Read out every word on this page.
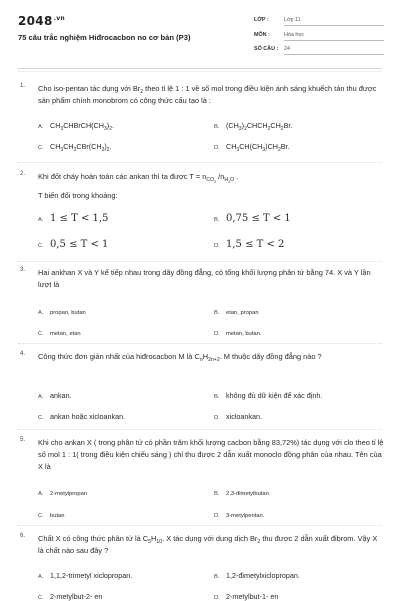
$2048^{.vn}$
75 câu trắc nghiệm Hiđrocacbon no cơ bản (P3)
LỚP :	Lớp 11
MÔN :	Hóa học
SỐ CÂU :	24
1. Cho iso-pentan tác dụng với $Br_2$ theo tỉ lệ 1 : 1 về số mol trong điều kiện ánh sáng khuếch tán thu được sản phẩm chính monobrom có công thức cấu tạo là :
A. $CH_3CHBrCH(CH_3)_2$.	B. $(CH_3)_2CHCH_2CH_2Br$.
C. $CH_3CH_2CBr(CH_3)_2$.	D. $CH_3CH(CH_3)CH_2Br$.
2. Khi đốt cháy hoàn toàn các ankan thì ta được $T = n_{CO_2}$ $/n_{H_2O}$ .
T biến đổi trong khoảng:
A. 1 ≤ T < 1,5	B. 0,75 ≤ T < 1
C. 0,5 ≤ T < 1	D. 1,5 ≤ T < 2
3. Hai ankhan X và Y kế tiếp nhau trong dãy đồng đẳng, có tổng khối lượng phân tử bằng 74. X và Y lần lượt là
A. propan, butan	B. etan, propan
C. metan, etan	D. metan, butan.
4. Công thức đơn giản nhất của hiđrocacbon M là $C_nH_{2n+2}$. M thuộc dãy đồng đẳng nào ?
A. ankan.	B. không đủ dữ kiện để xác định.
C. ankan hoặc xicloankan.	D. xicloankan.
5. Khi cho ankan X ( trong phân tử có phần trăm khối lượng cacbon bằng 83,72%) tác dụng với clo theo tỉ lệ số mol 1 : 1( trong điều kiện chiếu sáng ) chỉ thu được 2 dẫn xuất monoclo đồng phân của nhau. Tên của X là
A. 2-metylpropan	B. 2,3-đimetylbutan
C. butan	D. 3-metylpentan.
6. Chất X có công thức phân tử là $C_5H_{10}$. X tác dụng với dung dịch $Br_2$ thu được 2 dẫn xuất đibrom. Vậy X là chất nào sau đây ?
A. 1,1,2-trimetyl xiclopropan.	B. 1,2-đimetylxiclopropan.
C. 2-metylbut-2- en	D. 2-metylbut-1- en
